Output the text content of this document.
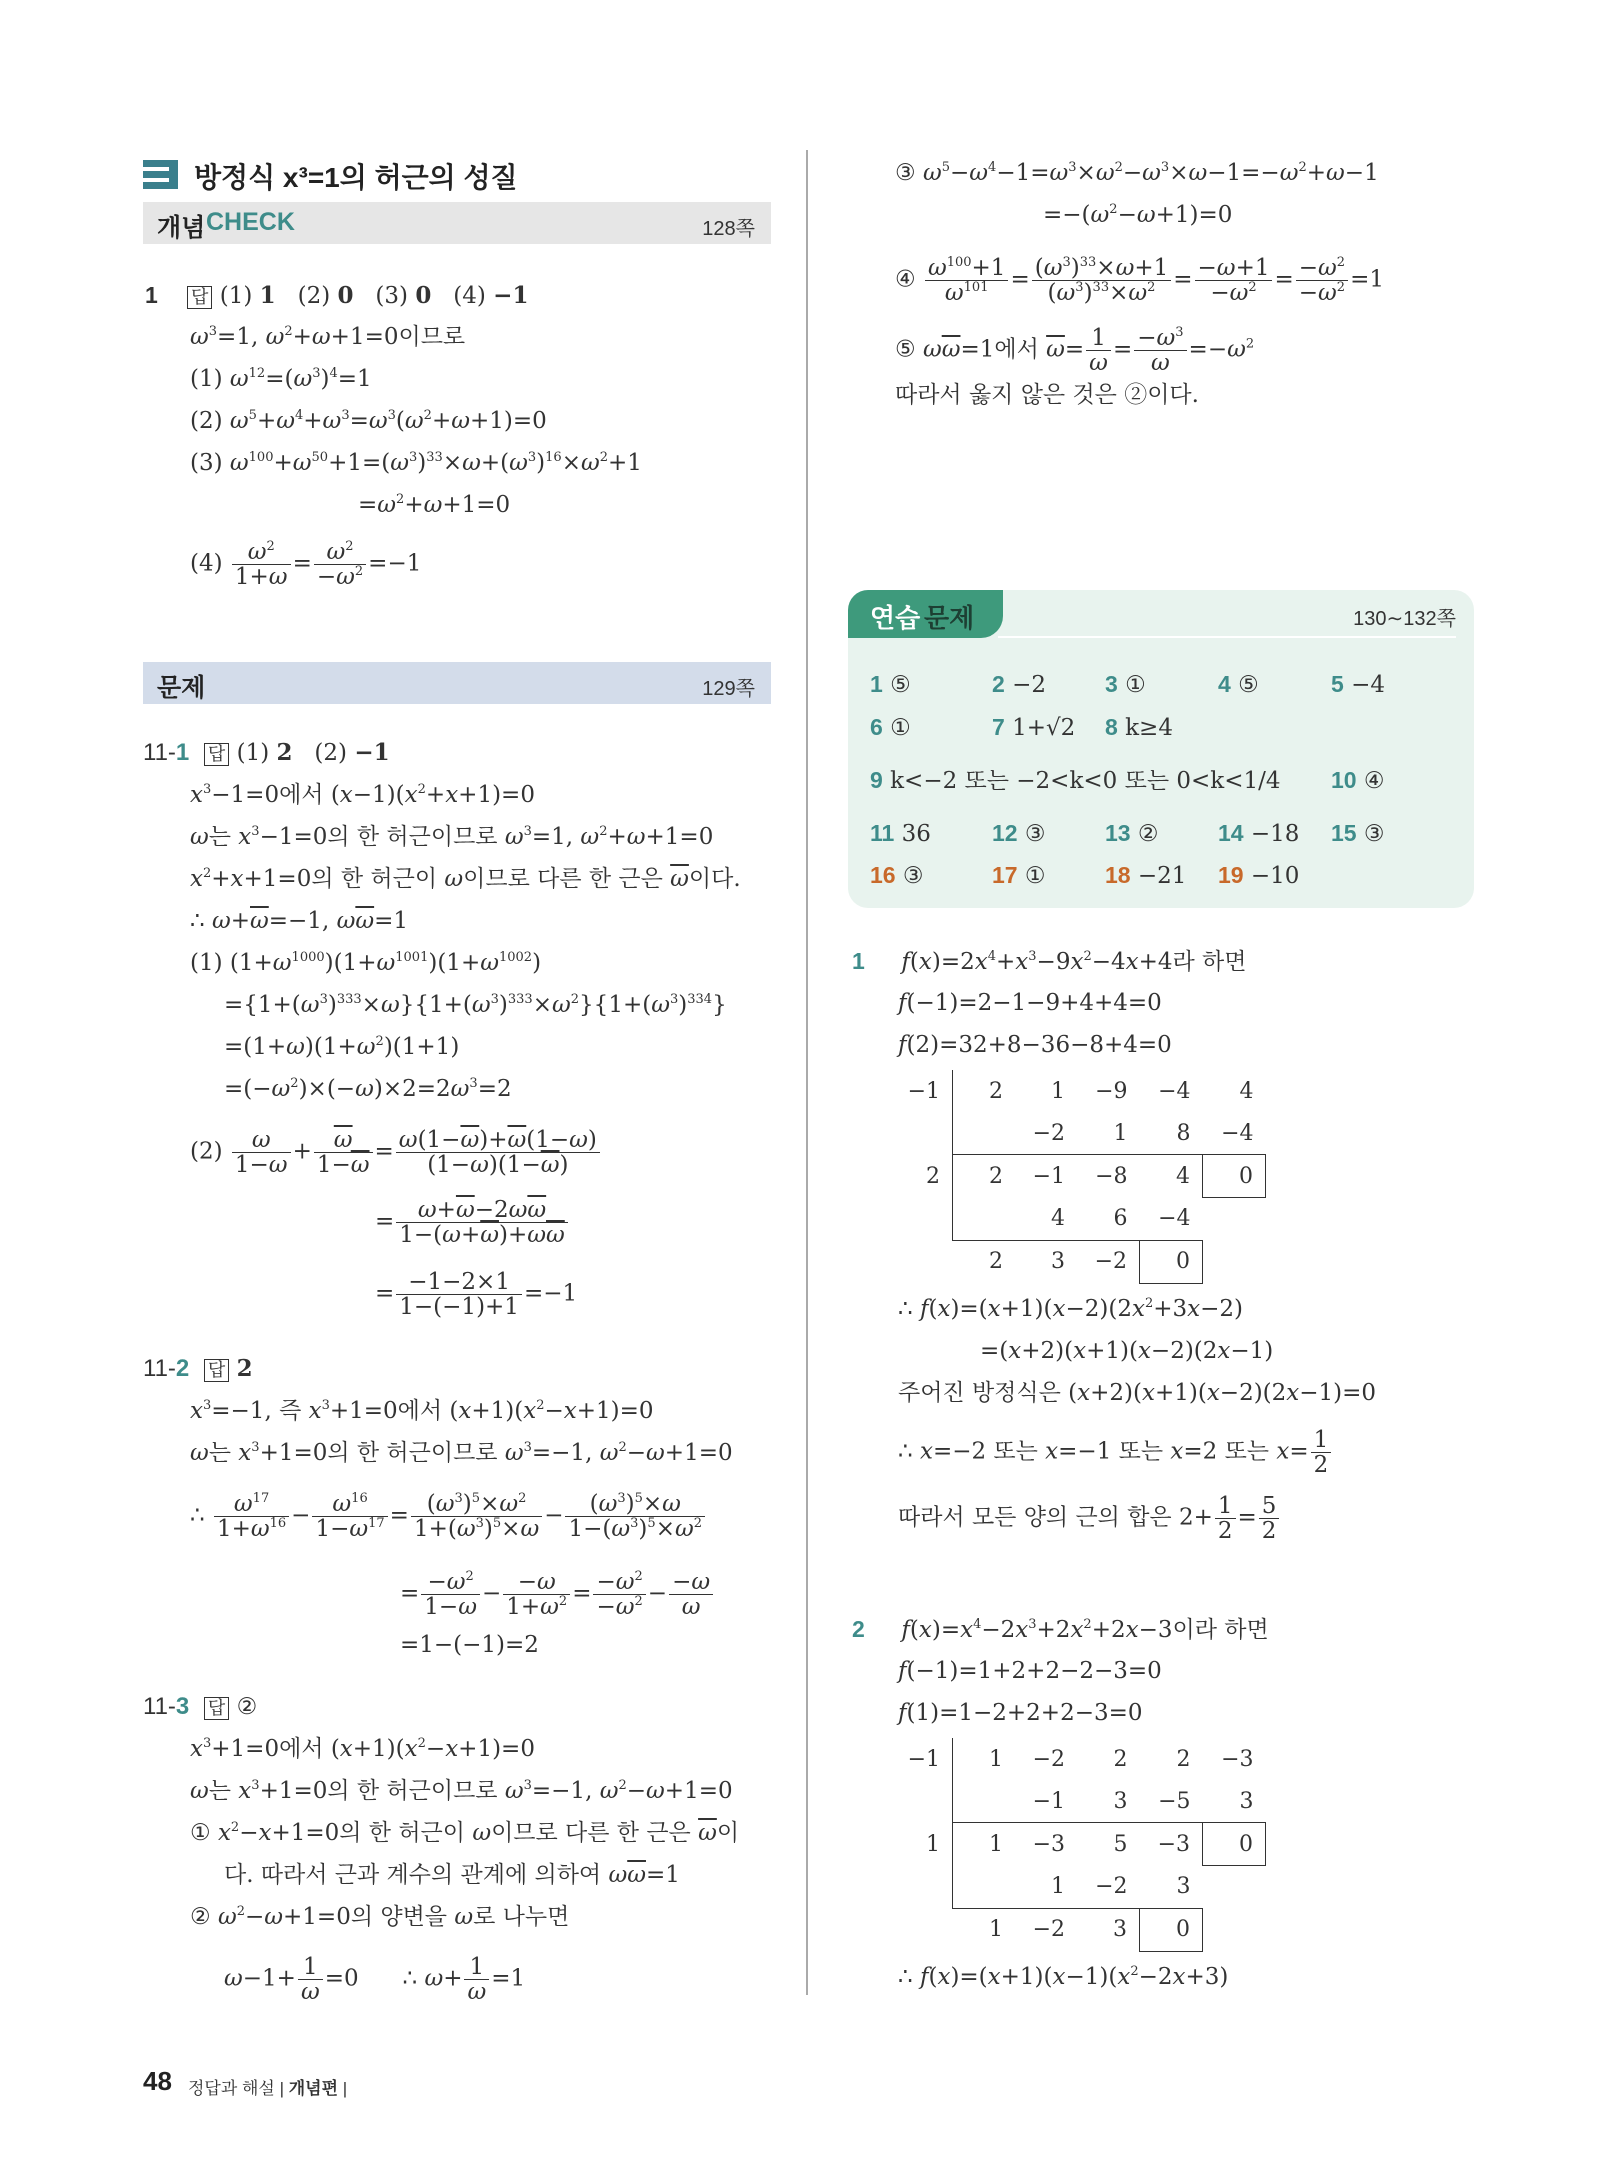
방정식 x³=1의 허근의 성질
개념 CHECK	128쪽
1 답 (1) 1   (2) 0   (3) 0   (4) −1
$\omega^3=1$, $\omega^2+\omega+1=0$이므로
(1) $\omega^{12}=(\omega^3)^4=1$
(2) $\omega^5+\omega^4+\omega^3=\omega^3(\omega^2+\omega+1)=0$
(3) $\omega^{100}+\omega^{50}+1=(\omega^3)^{33}\times\omega+(\omega^3)^{16}\times\omega^2+1$
$=\omega^2+\omega+1=0$
$(4) \frac{\omega^2}{1+\omega} = \frac{\omega^2}{-\omega^2} =-1$
문제	129쪽
11-1 답 (1) 2   (2) −1
$x^3-1=0$에서 $(x-1)(x^2+x+1)=0$
ω는 $x^3-1=0$의 한 허근이므로 $\omega^3=1$, $\omega^2+\omega+1=0$
$x^2+x+1=0$의 한 허근이 ω이므로 다른 한 근은 $\overline{\omega}$이다.
∴ $\omega+\overline{\omega}=-1$, $\omega\overline{\omega}=1$
(1) $(1+\omega^{1000})(1+\omega^{1001})(1+\omega^{1002})$
$=\{1+(\omega^3)^{333}\times\omega\}\{1+(\omega^3)^{333}\times\omega^2\}\{1+(\omega^3)^{334}\}$
$=(1+\omega)(1+\omega^2)(1+1)$
$=(-\omega^2)\times(-\omega)\times 2=2\omega^3=2$
$(2) \frac{\omega}{1-\omega} + \frac{\overline{\omega}}{1-\overline{\omega}} = \frac{\omega(1-\overline{\omega})+\overline{\omega}(1-\omega)}{(1-\omega)(1-\overline{\omega})}$
= $\frac{\omega+\overline{\omega}-2\omega\overline{\omega}}{1-(\omega+\overline{\omega})+\omega\overline{\omega}}$
= $\frac{-1-2\times 1}{1-(-1)+1} =-1$
11-2 답 2
$x^3=-1$, 즉 $x^3+1=0$에서 $(x+1)(x^2-x+1)=0$
ω는 $x^3+1=0$의 한 허근이므로 $\omega^3=-1$, $\omega^2-\omega+1=0$
∴ $\frac{\omega^{17}}{1+\omega^{16}} - \frac{\omega^{16}}{1-\omega^{17}} = \frac{(\omega^3)^5\times\omega^2}{1+(\omega^3)^5\times\omega} - \frac{(\omega^3)^5\times\omega}{1-(\omega^3)^5\times\omega^2}$
= $\frac{-\omega^2}{1-\omega} - \frac{-\omega}{1+\omega^2} = \frac{-\omega^2}{-\omega^2} - \frac{-\omega}{\omega}$
=1−(−1)=2
11-3 답 ②
$x^3+1=0$에서 $(x+1)(x^2-x+1)=0$
ω는 $x^3+1=0$의 한 허근이므로 $\omega^3=-1$, $\omega^2-\omega+1=0$
① $x^2-x+1=0$의 한 허근이 ω이므로 다른 한 근은 $\overline{\omega}$이
다. 따라서 근과 계수의 관계에 의하여 $\omega\overline{\omega}=1$
② $\omega^2-\omega+1=0$의 양변을 ω로 나누면
$\omega-1+ \frac{1}{\omega} =0$      ∴ $\omega+ \frac{1}{\omega} =1$
③ $\omega^5-\omega^4-1=\omega^3\times\omega^2-\omega^3\times\omega-1=-\omega^2+\omega-1$
$=-(\omega^2-\omega+1)=0$
④ $\frac{\omega^{100}+1}{\omega^{101}} = \frac{(\omega^3)^{33}\times\omega+1}{(\omega^3)^{33}\times\omega^2} = \frac{-\omega+1}{-\omega^2} = \frac{-\omega^2}{-\omega^2} =1$
⑤ $\omega\overline{\omega}=1$에서 $\overline{\omega}= \frac{1}{\omega} = \frac{-\omega^3}{\omega} =-\omega^2$
따라서 옳지 않은 것은 ②이다.
연습 문제	130∼132쪽
1 ⑤	2 −2	3 ①	4 ⑤	5 −4
6 ①	7 1+√2 8 k≥4
9 k<−2 또는 −2<k<0 또는 0<k<1/4 10 ④
11 36	12 ③	13 ②	14 −18 15 ③
16 ③	17 ①	18 −21 19 −10
1 $f(x)=2x^4+x^3-9x^2-4x+4$라 하면
f(−1)=2−1−9+4+4=0
f(2)=32+8−36−8+4=0
−1	2	1	−9	−4	4
		−2	1	8	−4
2	2	−1	−8	4	0
		4	6	−4	
	2	3	−2	0	
∴ $f(x)=(x+1)(x-2)(2x^2+3x-2)$
=(x+2)(x+1)(x−2)(2x−1)
주어진 방정식은 (x+2)(x+1)(x−2)(2x−1)=0
∴ x=−2 또는 x=−1 또는 x=2 또는 $x= \frac{1}{2}$
따라서 모든 양의 근의 합은 $2+ \frac{1}{2} = \frac{5}{2}$
2 $f(x)=x^4-2x^3+2x^2+2x-3$이라 하면
f(−1)=1+2+2−2−3=0
f(1)=1−2+2+2−3=0
−1	1	−2	2	2	−3
		−1	3	−5	3
1	1	−3	5	−3	0
		1	−2	3	
	1	−2	3	0	
∴ $f(x)=(x+1)(x-1)(x^2-2x+3)$
48 정답과 해설 | 개념편 |
